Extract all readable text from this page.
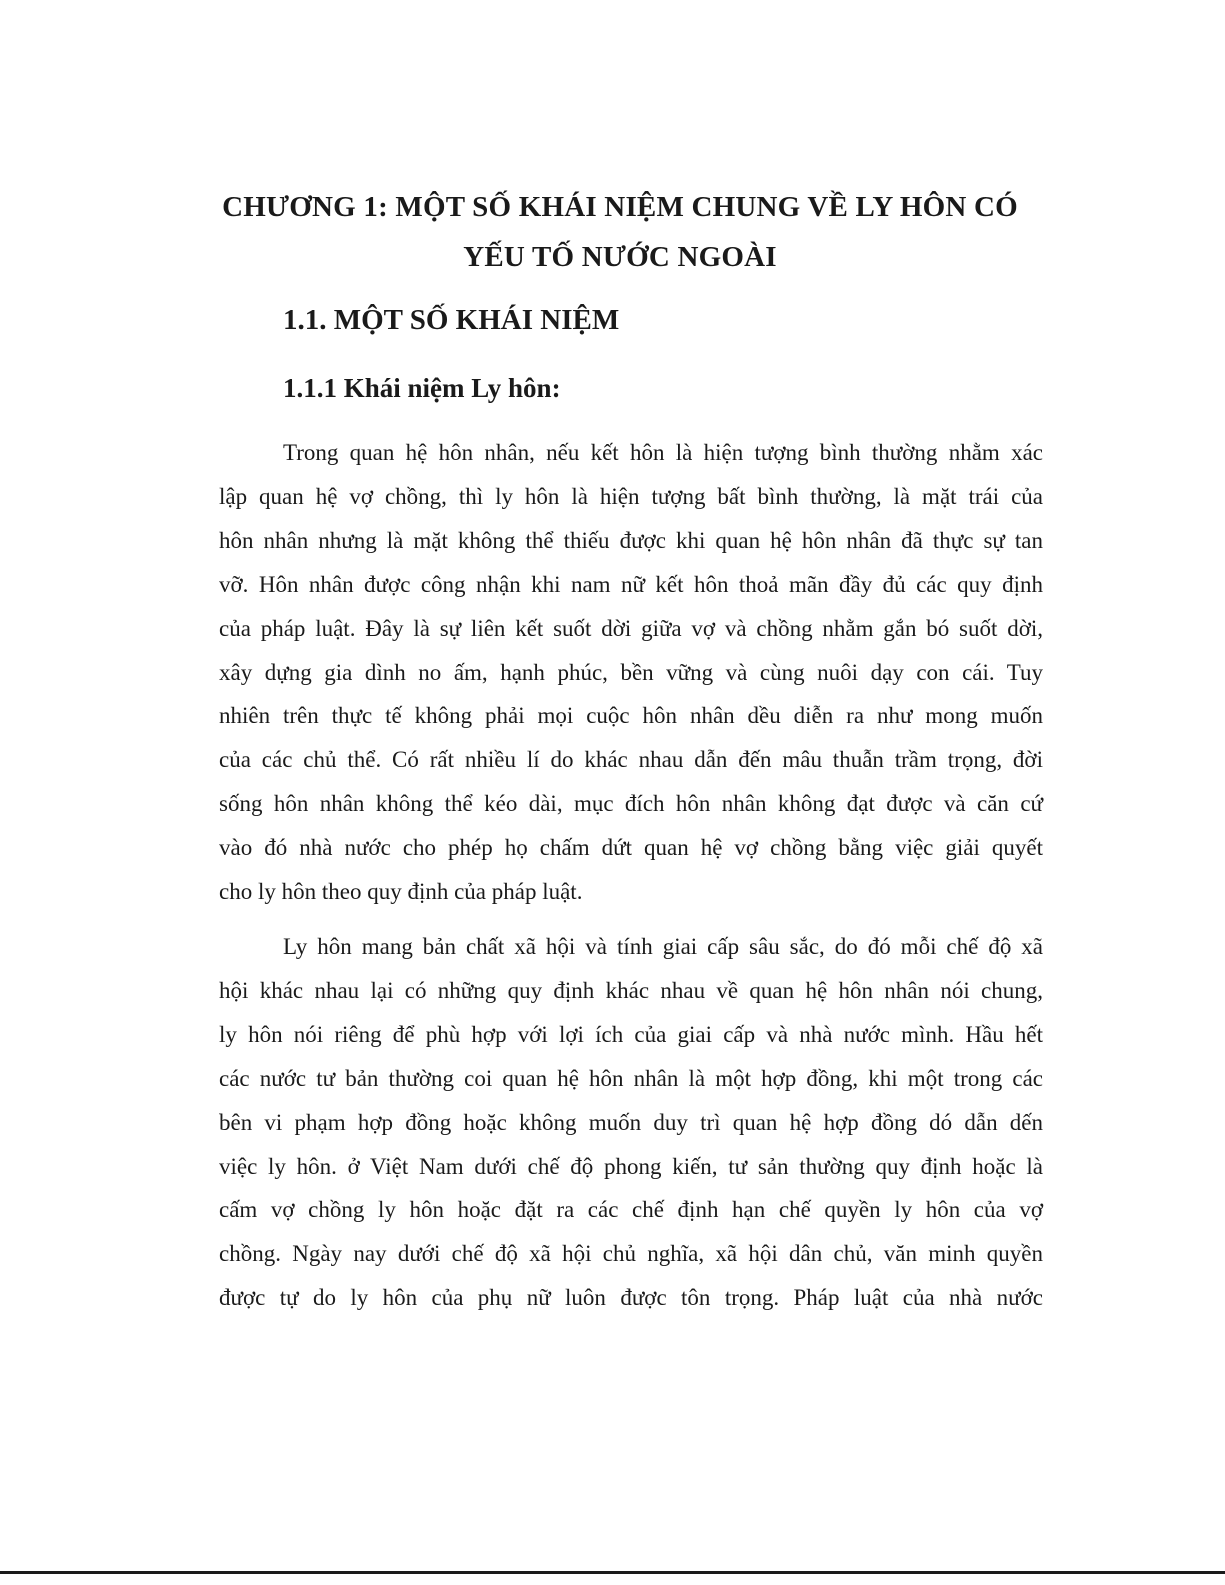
CHƯƠNG 1: MỘT SỐ KHÁI NIỆM CHUNG VỀ LY HÔN CÓ
YẾU TỐ NƯỚC NGOÀI
1.1. MỘT SỐ KHÁI NIỆM
1.1.1 Khái niệm Ly hôn:

Trong quan hệ hôn nhân, nếu kết hôn là hiện tượng bình thường nhằm xác
lập quan hệ vợ chồng, thì ly hôn là hiện tượng bất bình thường, là mặt trái của
hôn nhân nhưng là mặt không thể thiếu được khi quan hệ hôn nhân đã thực sự tan
vỡ. Hôn nhân được công nhận khi nam nữ kết hôn thoả mãn đầy đủ các quy định
của pháp luật. Đây là sự liên kết suốt dời giữa vợ và chồng nhằm gắn bó suốt dời,
xây dựng gia dình no ấm, hạnh phúc, bền vững và cùng nuôi dạy con cái. Tuy
nhiên trên thực tế không phải mọi cuộc hôn nhân dều diễn ra như mong muốn
của các chủ thể. Có rất nhiều lí do khác nhau dẫn đến mâu thuẫn trầm trọng, đời
sống hôn nhân không thể kéo dài, mục đích hôn nhân không đạt được và căn cứ
vào đó nhà nước cho phép họ chấm dứt quan hệ vợ chồng bằng việc giải quyết
cho ly hôn theo quy định của pháp luật.

Ly hôn mang bản chất xã hội và tính giai cấp sâu sắc, do đó mỗi chế độ xã
hội khác nhau lại có những quy định khác nhau về quan hệ hôn nhân nói chung,
ly hôn nói riêng để phù hợp với lợi ích của giai cấp và nhà nước mình. Hầu hết
các nước tư bản thường coi quan hệ hôn nhân là một hợp đồng, khi một trong các
bên vi phạm hợp đồng hoặc không muốn duy trì quan hệ hợp đồng dó dẫn dến
việc ly hôn. ở Việt Nam dưới chế độ phong kiến, tư sản thường quy định hoặc là
cấm vợ chồng ly hôn hoặc đặt ra các chế định hạn chế quyền ly hôn của vợ
chồng. Ngày nay dưới chế độ xã hội chủ nghĩa, xã hội dân chủ, văn minh quyền
được tự do ly hôn của phụ nữ luôn được tôn trọng. Pháp luật của nhà nước
